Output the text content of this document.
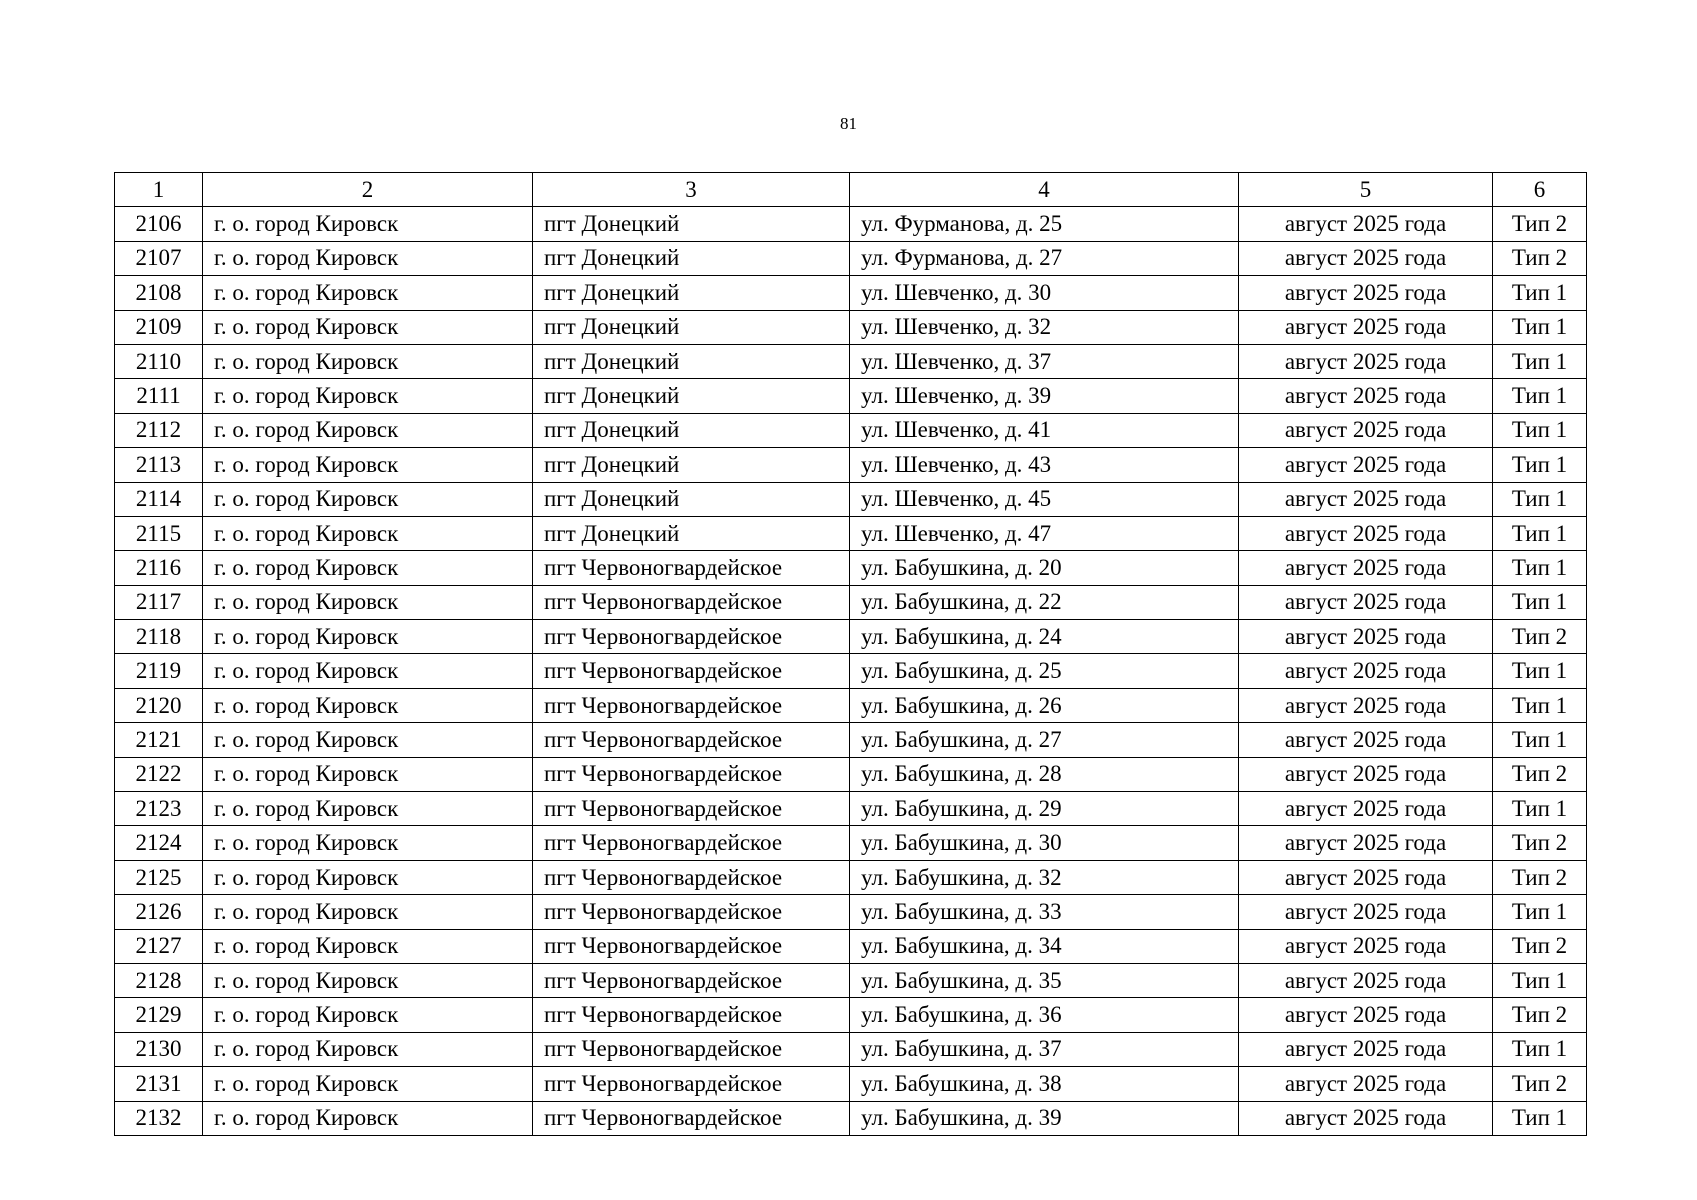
81
1	2	3	4	5	6
2106	г. о. город Кировск	пгт Донецкий	ул. Фурманова, д. 25	август 2025 года	Тип 2
2107	г. о. город Кировск	пгт Донецкий	ул. Фурманова, д. 27	август 2025 года	Тип 2
2108	г. о. город Кировск	пгт Донецкий	ул. Шевченко, д. 30	август 2025 года	Тип 1
2109	г. о. город Кировск	пгт Донецкий	ул. Шевченко, д. 32	август 2025 года	Тип 1
2110	г. о. город Кировск	пгт Донецкий	ул. Шевченко, д. 37	август 2025 года	Тип 1
2111	г. о. город Кировск	пгт Донецкий	ул. Шевченко, д. 39	август 2025 года	Тип 1
2112	г. о. город Кировск	пгт Донецкий	ул. Шевченко, д. 41	август 2025 года	Тип 1
2113	г. о. город Кировск	пгт Донецкий	ул. Шевченко, д. 43	август 2025 года	Тип 1
2114	г. о. город Кировск	пгт Донецкий	ул. Шевченко, д. 45	август 2025 года	Тип 1
2115	г. о. город Кировск	пгт Донецкий	ул. Шевченко, д. 47	август 2025 года	Тип 1
2116	г. о. город Кировск	пгт Червоногвардейское	ул. Бабушкина, д. 20	август 2025 года	Тип 1
2117	г. о. город Кировск	пгт Червоногвардейское	ул. Бабушкина, д. 22	август 2025 года	Тип 1
2118	г. о. город Кировск	пгт Червоногвардейское	ул. Бабушкина, д. 24	август 2025 года	Тип 2
2119	г. о. город Кировск	пгт Червоногвардейское	ул. Бабушкина, д. 25	август 2025 года	Тип 1
2120	г. о. город Кировск	пгт Червоногвардейское	ул. Бабушкина, д. 26	август 2025 года	Тип 1
2121	г. о. город Кировск	пгт Червоногвардейское	ул. Бабушкина, д. 27	август 2025 года	Тип 1
2122	г. о. город Кировск	пгт Червоногвардейское	ул. Бабушкина, д. 28	август 2025 года	Тип 2
2123	г. о. город Кировск	пгт Червоногвардейское	ул. Бабушкина, д. 29	август 2025 года	Тип 1
2124	г. о. город Кировск	пгт Червоногвардейское	ул. Бабушкина, д. 30	август 2025 года	Тип 2
2125	г. о. город Кировск	пгт Червоногвардейское	ул. Бабушкина, д. 32	август 2025 года	Тип 2
2126	г. о. город Кировск	пгт Червоногвардейское	ул. Бабушкина, д. 33	август 2025 года	Тип 1
2127	г. о. город Кировск	пгт Червоногвардейское	ул. Бабушкина, д. 34	август 2025 года	Тип 2
2128	г. о. город Кировск	пгт Червоногвардейское	ул. Бабушкина, д. 35	август 2025 года	Тип 1
2129	г. о. город Кировск	пгт Червоногвардейское	ул. Бабушкина, д. 36	август 2025 года	Тип 2
2130	г. о. город Кировск	пгт Червоногвардейское	ул. Бабушкина, д. 37	август 2025 года	Тип 1
2131	г. о. город Кировск	пгт Червоногвардейское	ул. Бабушкина, д. 38	август 2025 года	Тип 2
2132	г. о. город Кировск	пгт Червоногвардейское	ул. Бабушкина, д. 39	август 2025 года	Тип 1
